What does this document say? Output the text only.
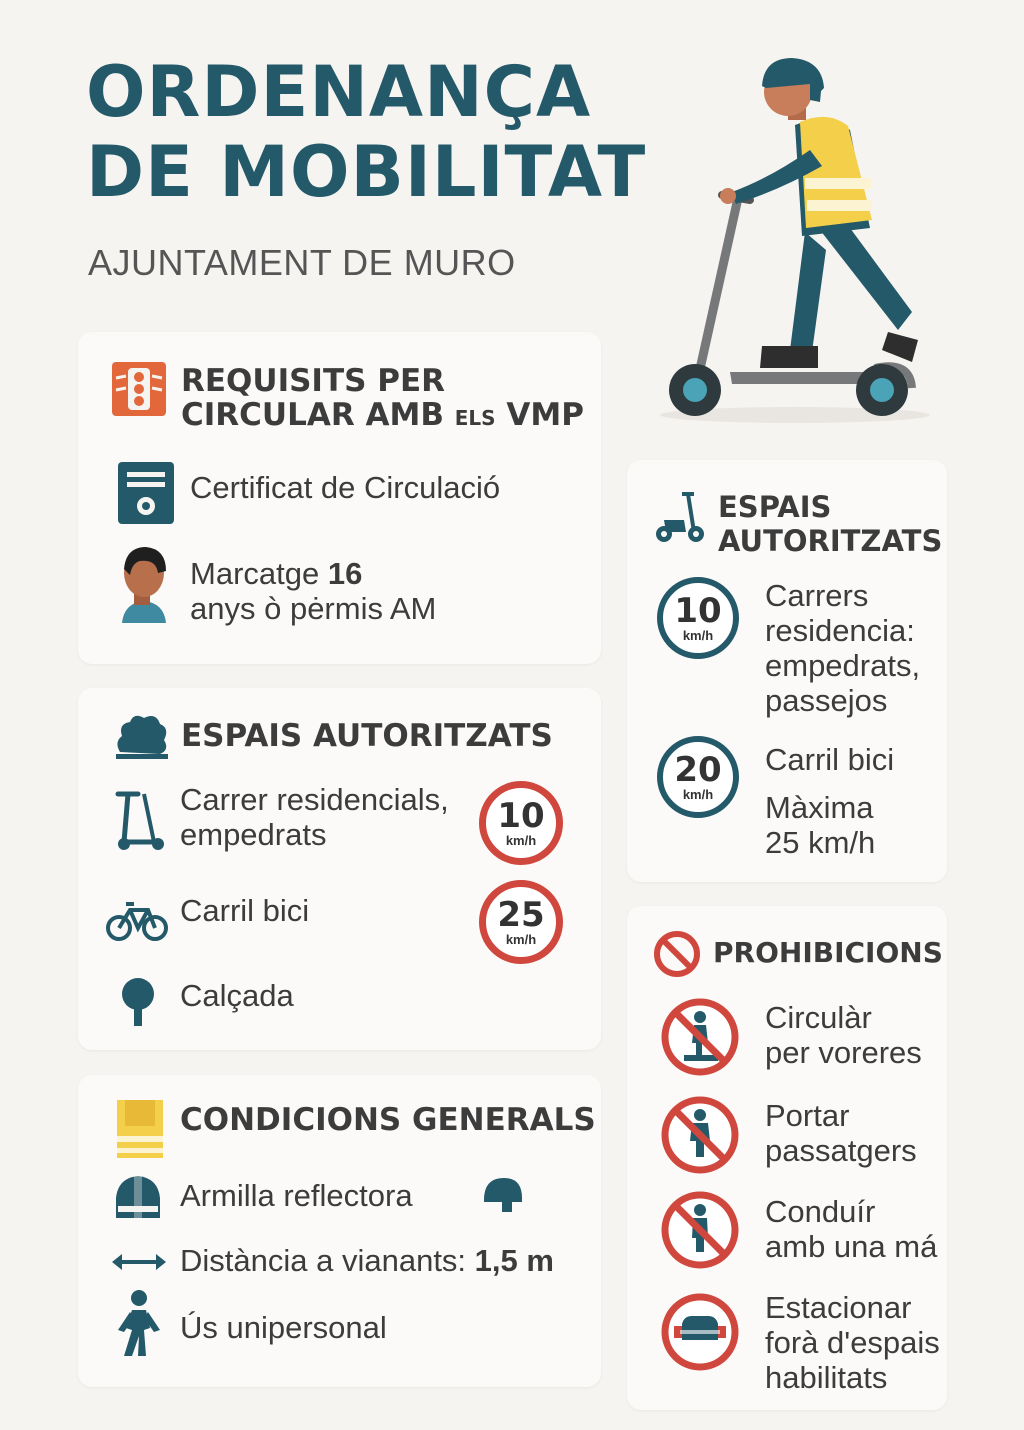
ORDENANÇA
DE MOBILITAT
AJUNTAMENT DE MURO
REQUISITS PER
CIRCULAR AMB ELS VMP
Certificat de Circulació
Marcatge 16
anys ò pėrmis AM
ESPAIS AUTORITZATS
Carrer residencials,
empedrats	10
km/h
Carril bici	25
km/h
Calçada
CONDICIONS GENERALS
Armilla reflectora
Distància a vianants: 1,5 m
Ús unipersonal
ESPAIS
AUTORITZATS
10
km/h
Carrers
residencia:
empedrats,
passejos
20
km/h
Carril bici
Màxima
25 km/h
PROHIBICIONS
Circulàr
per voreres
Portar
passatgers
Conduír
amb una má
Estacionar
forà d'espais
habilitats
